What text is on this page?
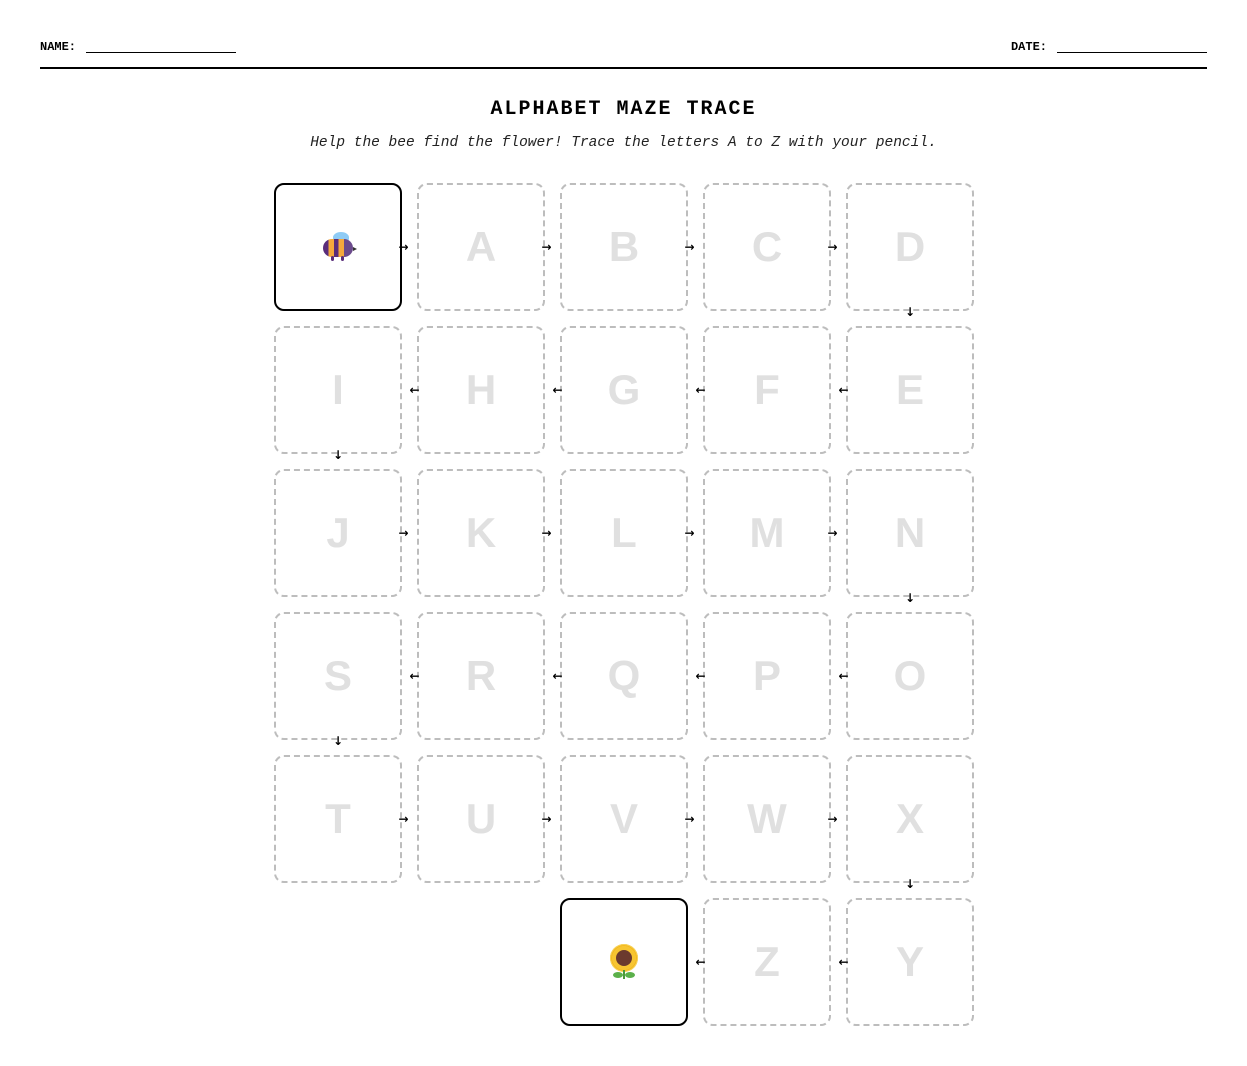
NAME:	DATE:
ALPHABET MAZE TRACE
Help the bee find the flower! Trace the letters A to Z with your pencil.
A	B	C	D
I	H	G	F	E
J	K	L	M	N
S	R	Q	P	O
T	U	V	W	X
Z	Y
→	→	→	→
↓
←	←	←	←
↓
→	→	→	→
↓
←	←	←	←
↓
→	→	→	→
↓
←	←
